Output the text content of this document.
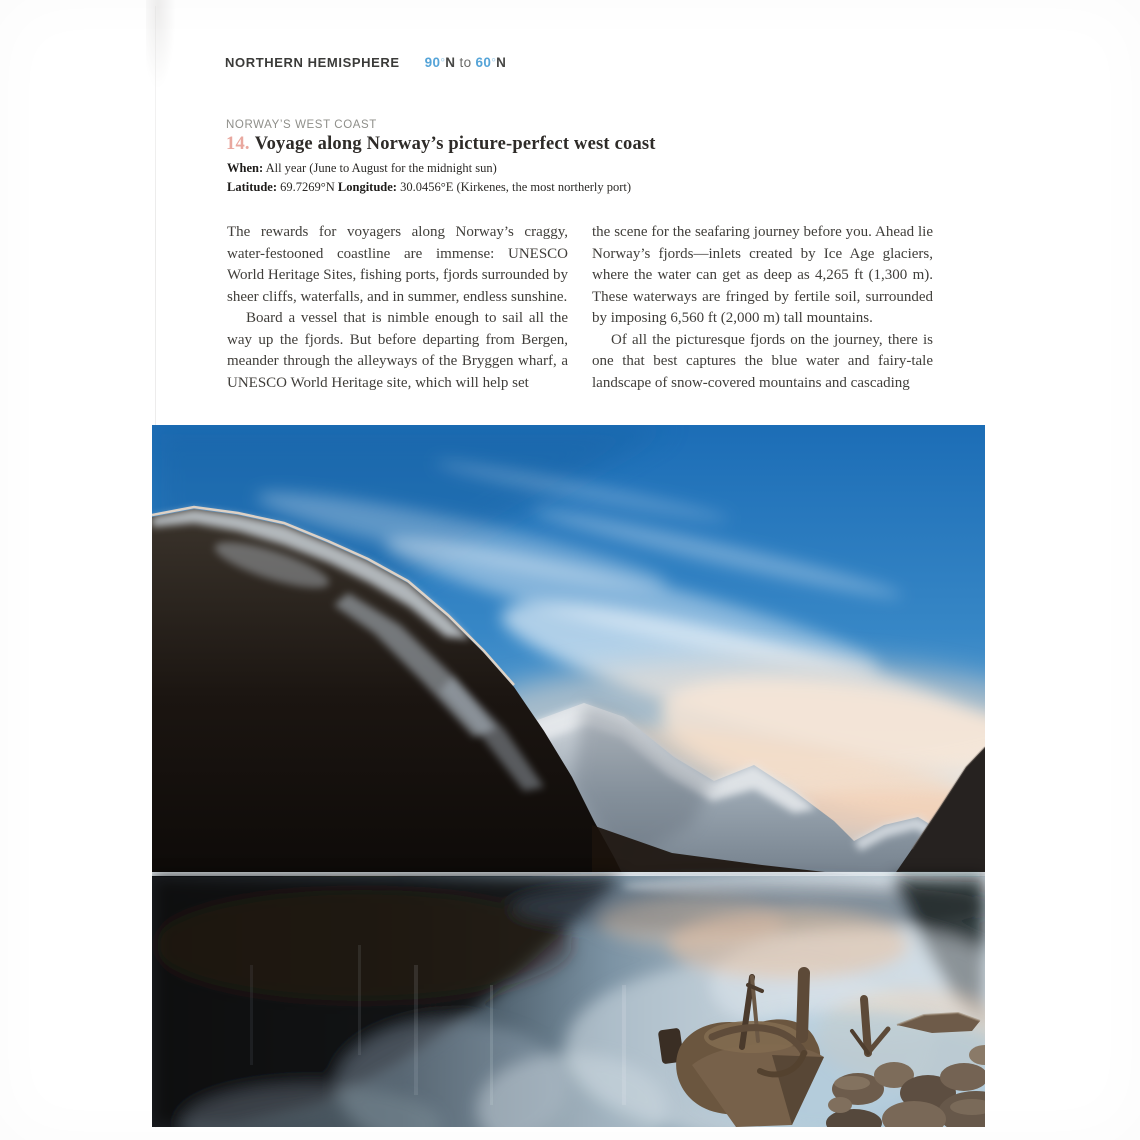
NORTHERN HEMISPHERE 90°N to 60°N
NORWAY’S WEST COAST
14. Voyage along Norway’s picture-perfect west coast
When: All year (June to August for the midnight sun)
Latitude: 69.7269°N Longitude: 30.0456°E (Kirkenes, the most northerly port)

The rewards for voyagers along Norway’s craggy, water-festooned coastline are immense: UNESCO World Heritage Sites, fishing ports, fjords surrounded by sheer cliffs, waterfalls, and in summer, endless sunshine.

Board a vessel that is nimble enough to sail all the way up the fjords. But before departing from Bergen, meander through the alleyways of the Bryggen wharf, a UNESCO World Heritage site, which will help set

the scene for the seafaring journey before you. Ahead lie Norway’s fjords—inlets created by Ice Age glaciers, where the water can get as deep as 4,265 ft (1,300 m). These waterways are fringed by fertile soil, surrounded by imposing 6,560 ft (2,000 m) tall mountains.

Of all the picturesque fjords on the journey, there is one that best captures the blue water and fairy-tale landscape of snow-covered mountains and cascading
